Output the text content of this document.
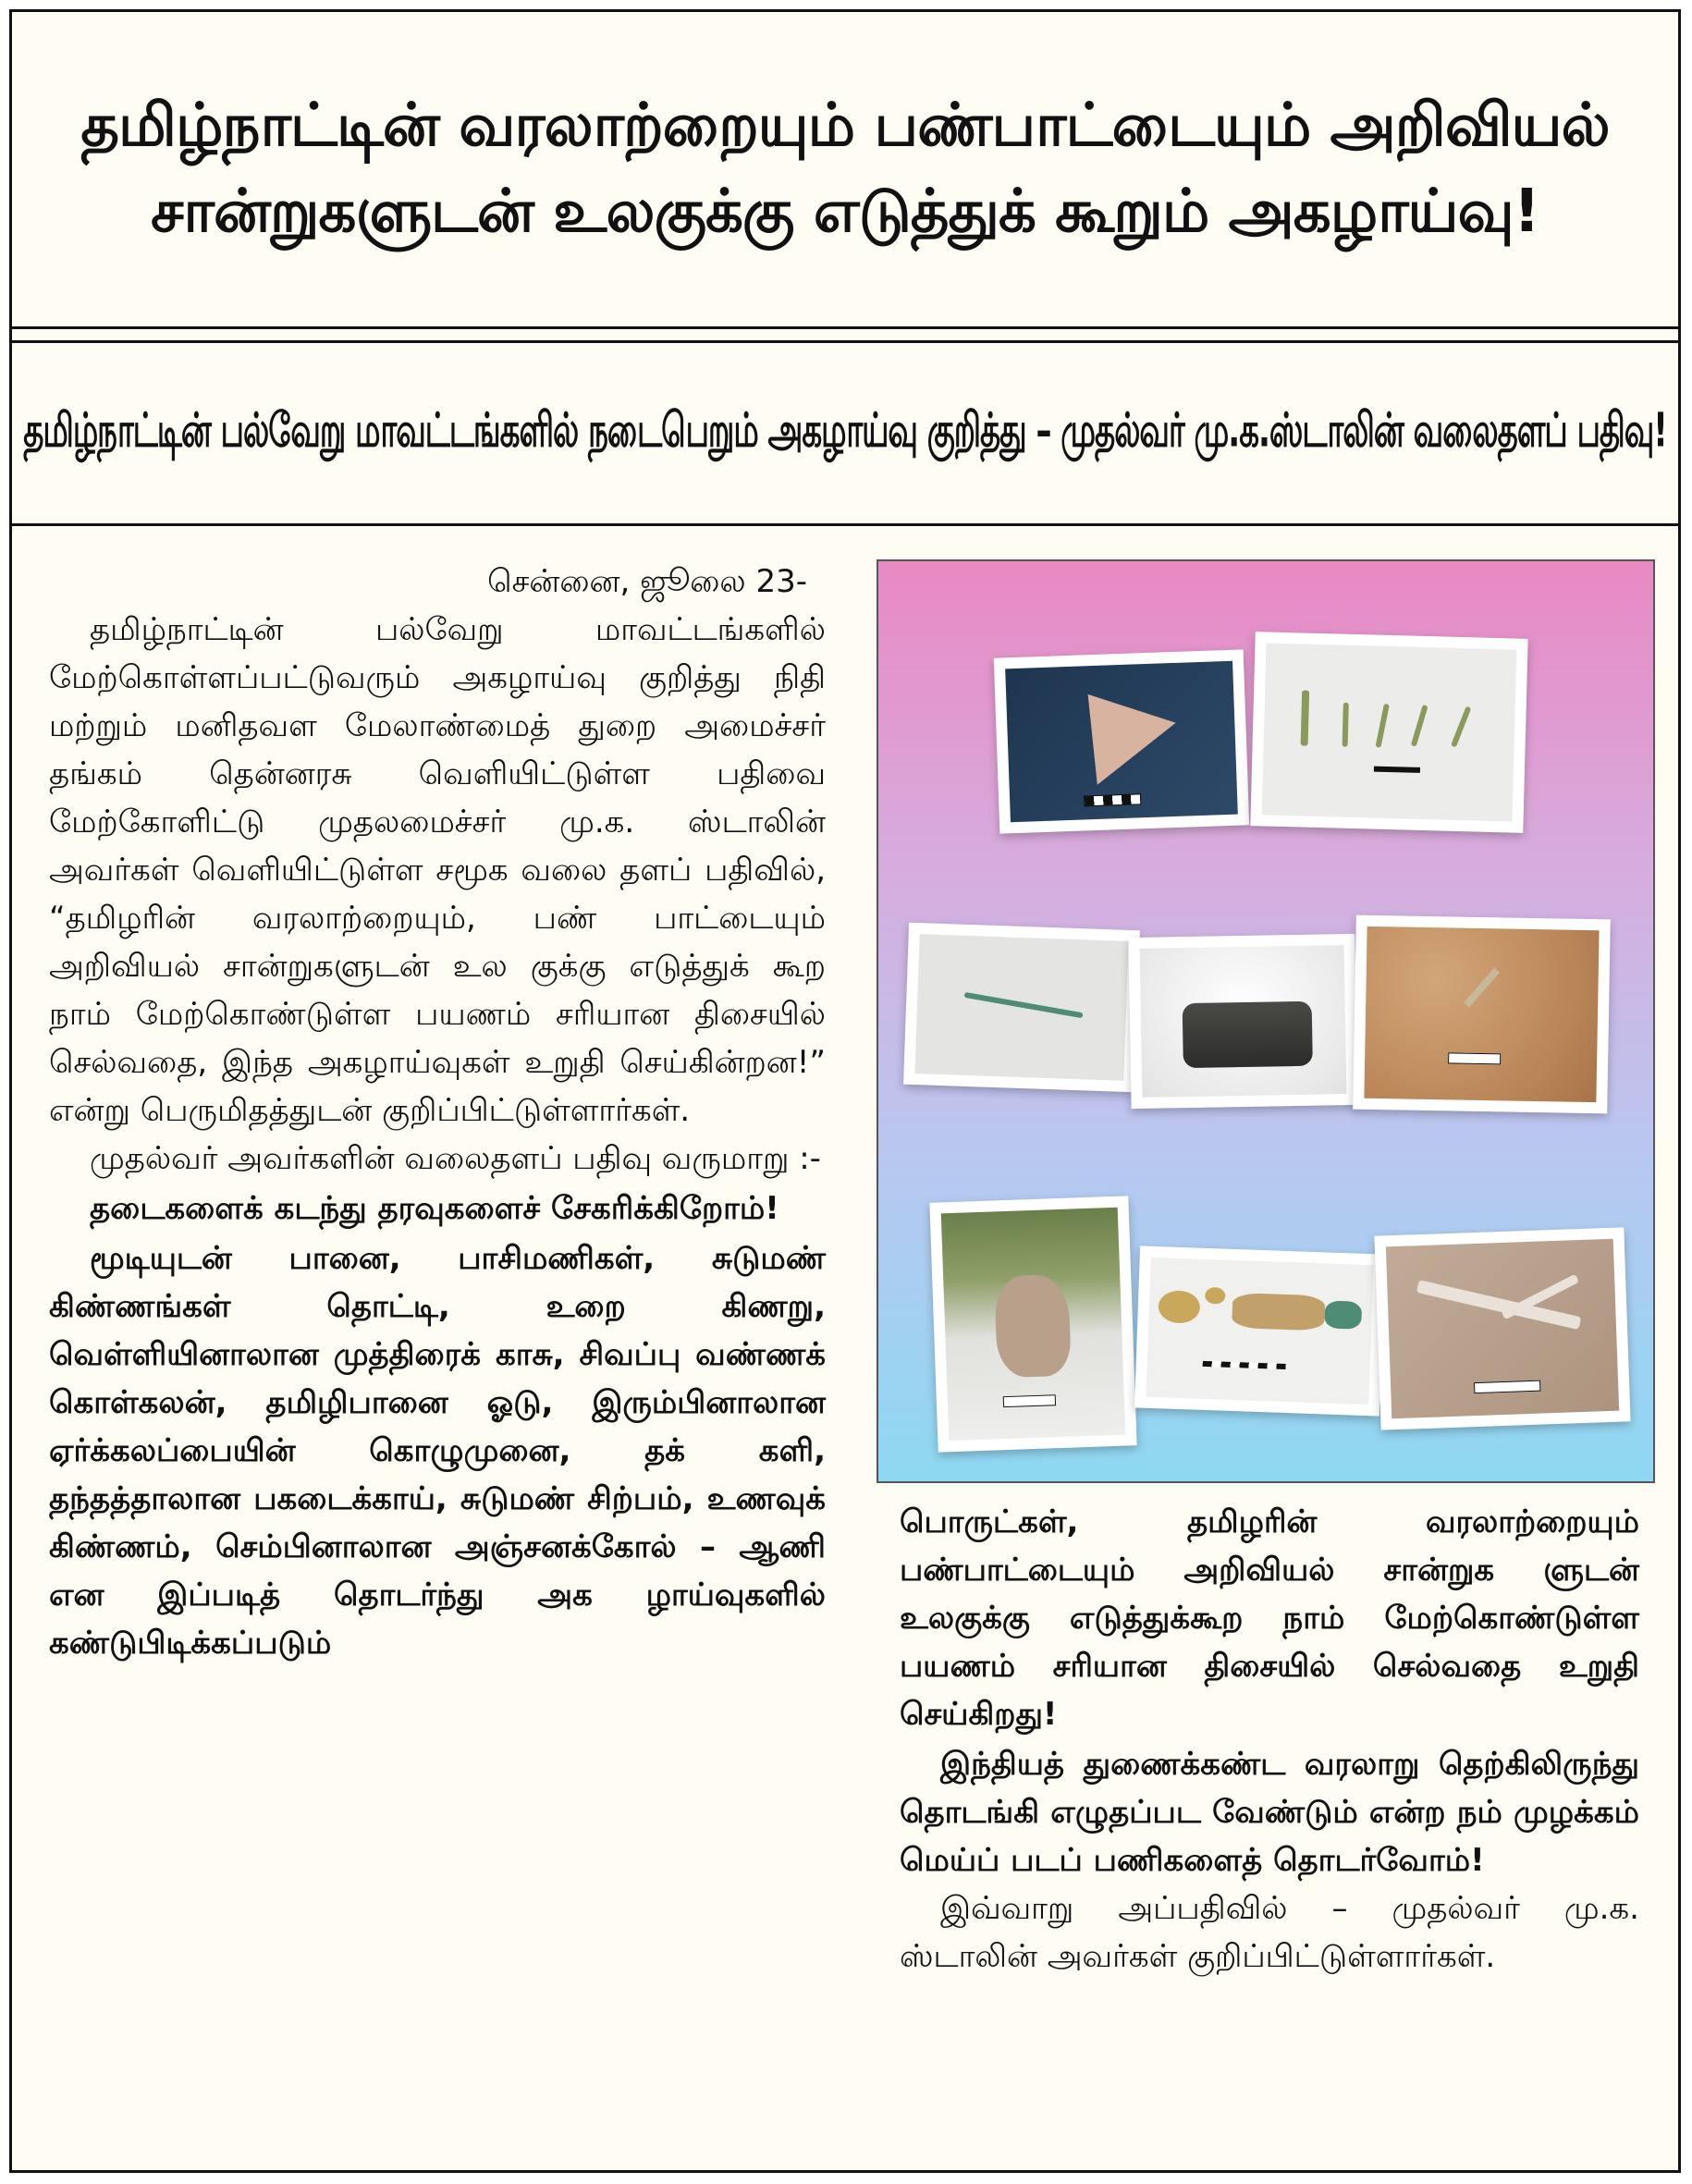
தமிழ்நாட்டின் வரலாற்றையும் பண்பாட்டையும் அறிவியல்
சான்றுகளுடன் உலகுக்கு எடுத்துக் கூறும் அகழாய்வு!
தமிழ்நாட்டின் பல்வேறு மாவட்டங்களில் நடைபெறும் அகழாய்வு குறித்து – முதல்வர் மு.க.ஸ்டாலின் வலைதளப் பதிவு!

சென்னை, ஜூலை 23-

தமிழ்நாட்டின் பல்வேறு மாவட்டங்களில் மேற்கொள்ளப்பட்டுவரும் அகழாய்வு குறித்து நிதி மற்றும் மனிதவள மேலாண்மைத் துறை அமைச்சர் தங்கம் தென்னரசு வெளியிட்டுள்ள பதிவை மேற்கோளிட்டு முதலமைச்சர் மு.க. ஸ்டாலின் அவர்கள் வெளியிட்டுள்ள சமூக வலை தளப் பதிவில், “தமிழரின் வரலாற்றையும், பண் பாட்டையும் அறிவியல் சான்றுகளுடன் உல குக்கு எடுத்துக் கூற நாம் மேற்கொண்டுள்ள பயணம் சரியான திசையில் செல்வதை, இந்த அகழாய்வுகள் உறுதி செய்கின்றன!” என்று பெருமிதத்துடன் குறிப்பிட்டுள்ளார்கள்.

முதல்வர் அவர்களின் வலைதளப் பதிவு வருமாறு :-

தடைகளைக் கடந்து தரவுகளைச் சேகரிக்கிறோம்!

மூடியுடன் பானை, பாசிமணிகள், சுடுமண் கிண்ணங்கள் தொட்டி, உறை கிணறு, வெள்ளியினாலான முத்திரைக் காசு, சிவப்பு வண்ணக் கொள்கலன், தமிழிபானை ஓடு, இரும்பினாலான ஏர்க்கலப்பையின் கொழுமுனை, தக் களி, தந்தத்தாலான பகடைக்காய், சுடுமண் சிற்பம், உணவுக் கிண்ணம், செம்பினாலான அஞ்சனக்கோல் – ஆணி என இப்படித் தொடர்ந்து அக ழாய்வுகளில் கண்டுபிடிக்கப்படும்

பொருட்கள், தமிழரின் வரலாற்றையும் பண்பாட்டையும் அறிவியல் சான்றுக ளுடன் உலகுக்கு எடுத்துக்கூற நாம் மேற்கொண்டுள்ள பயணம் சரியான திசையில் செல்வதை உறுதி செய்கிறது!

இந்தியத் துணைக்கண்ட வரலாறு தெற்கிலிருந்து தொடங்கி எழுதப்பட வேண்டும் என்ற நம் முழக்கம் மெய்ப் படப் பணிகளைத் தொடர்வோம்!

இவ்வாறு அப்பதிவில் – முதல்வர் மு.க. ஸ்டாலின் அவர்கள் குறிப்பிட்டுள்ளார்கள்.
